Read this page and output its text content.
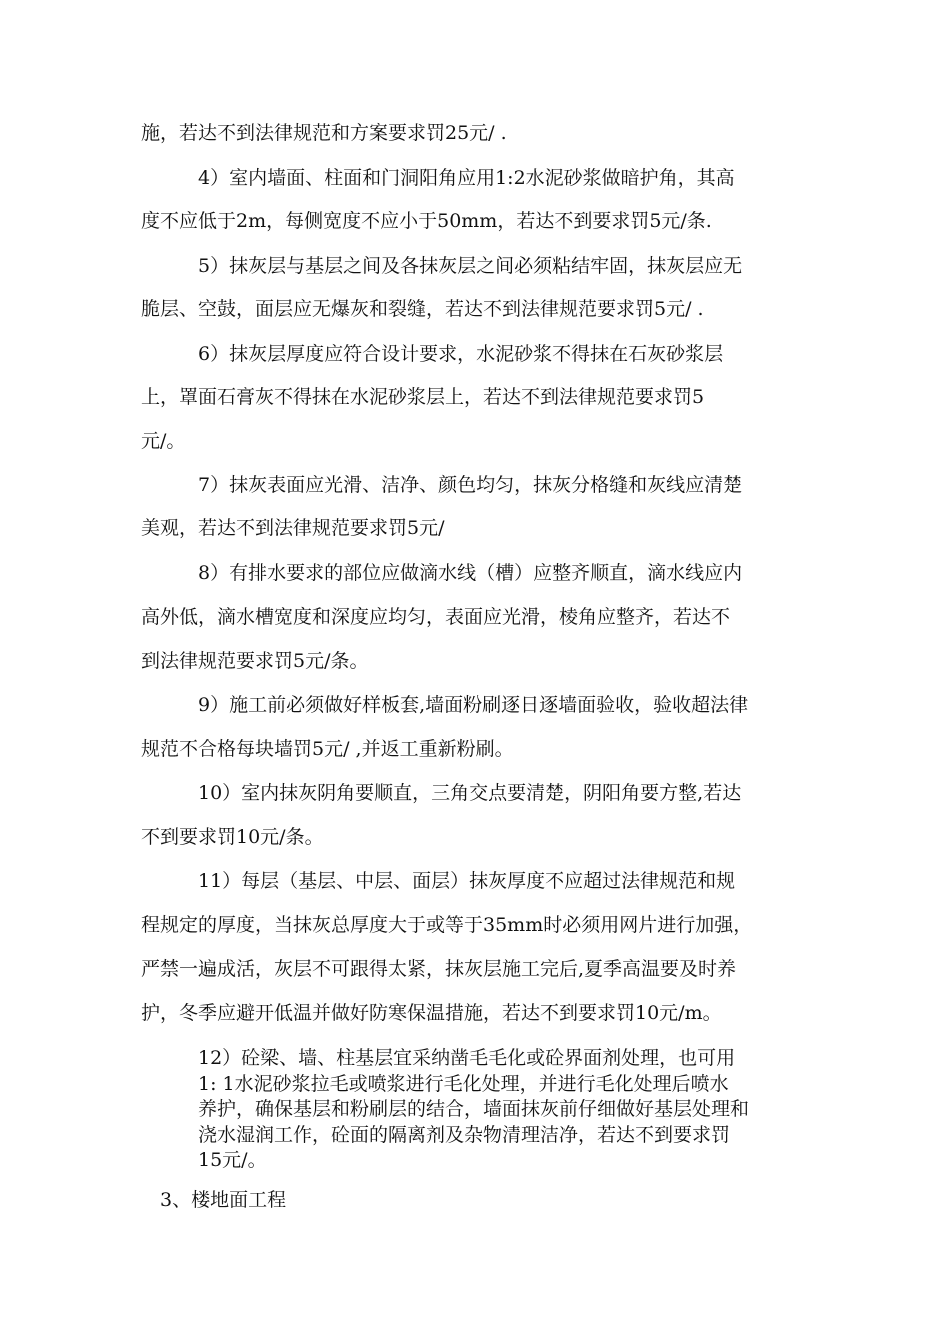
施，若达不到法律规范和方案要求罚25元/ .
4）室内墙面、柱面和门洞阳角应用1:2水泥砂浆做暗护角，其高
度不应低于2m，每侧宽度不应小于50mm，若达不到要求罚5元/条.
5）抹灰层与基层之间及各抹灰层之间必须粘结牢固，抹灰层应无
脆层、空鼓，面层应无爆灰和裂缝，若达不到法律规范要求罚5元/ .
6）抹灰层厚度应符合设计要求，水泥砂浆不得抹在石灰砂浆层
上，罩面石膏灰不得抹在水泥砂浆层上，若达不到法律规范要求罚5
元/。
7）抹灰表面应光滑、洁净、颜色均匀，抹灰分格缝和灰线应清楚
美观，若达不到法律规范要求罚5元/
8）有排水要求的部位应做滴水线（槽）应整齐顺直，滴水线应内
高外低，滴水槽宽度和深度应均匀，表面应光滑，棱角应整齐，若达不
到法律规范要求罚5元/条。
9）施工前必须做好样板套,墙面粉刷逐日逐墙面验收，验收超法律
规范不合格每块墙罚5元/ ,并返工重新粉刷。
10）室内抹灰阴角要顺直，三角交点要清楚，阴阳角要方整,若达
不到要求罚10元/条。
11）每层（基层、中层、面层）抹灰厚度不应超过法律规范和规
程规定的厚度，当抹灰总厚度大于或等于35mm时必须用网片进行加强，
严禁一遍成活，灰层不可跟得太紧，抹灰层施工完后,夏季高温要及时养
护，冬季应避开低温并做好防寒保温措施，若达不到要求罚10元/m。
12）砼梁、墙、柱基层宜采纳凿毛毛化或砼界面剂处理，也可用
1: 1水泥砂浆拉毛或喷浆进行毛化处理，并进行毛化处理后喷水
养护，确保基层和粉刷层的结合，墙面抹灰前仔细做好基层处理和
浇水湿润工作，砼面的隔离剂及杂物清理洁净，若达不到要求罚
15元/。
3、楼地面工程
